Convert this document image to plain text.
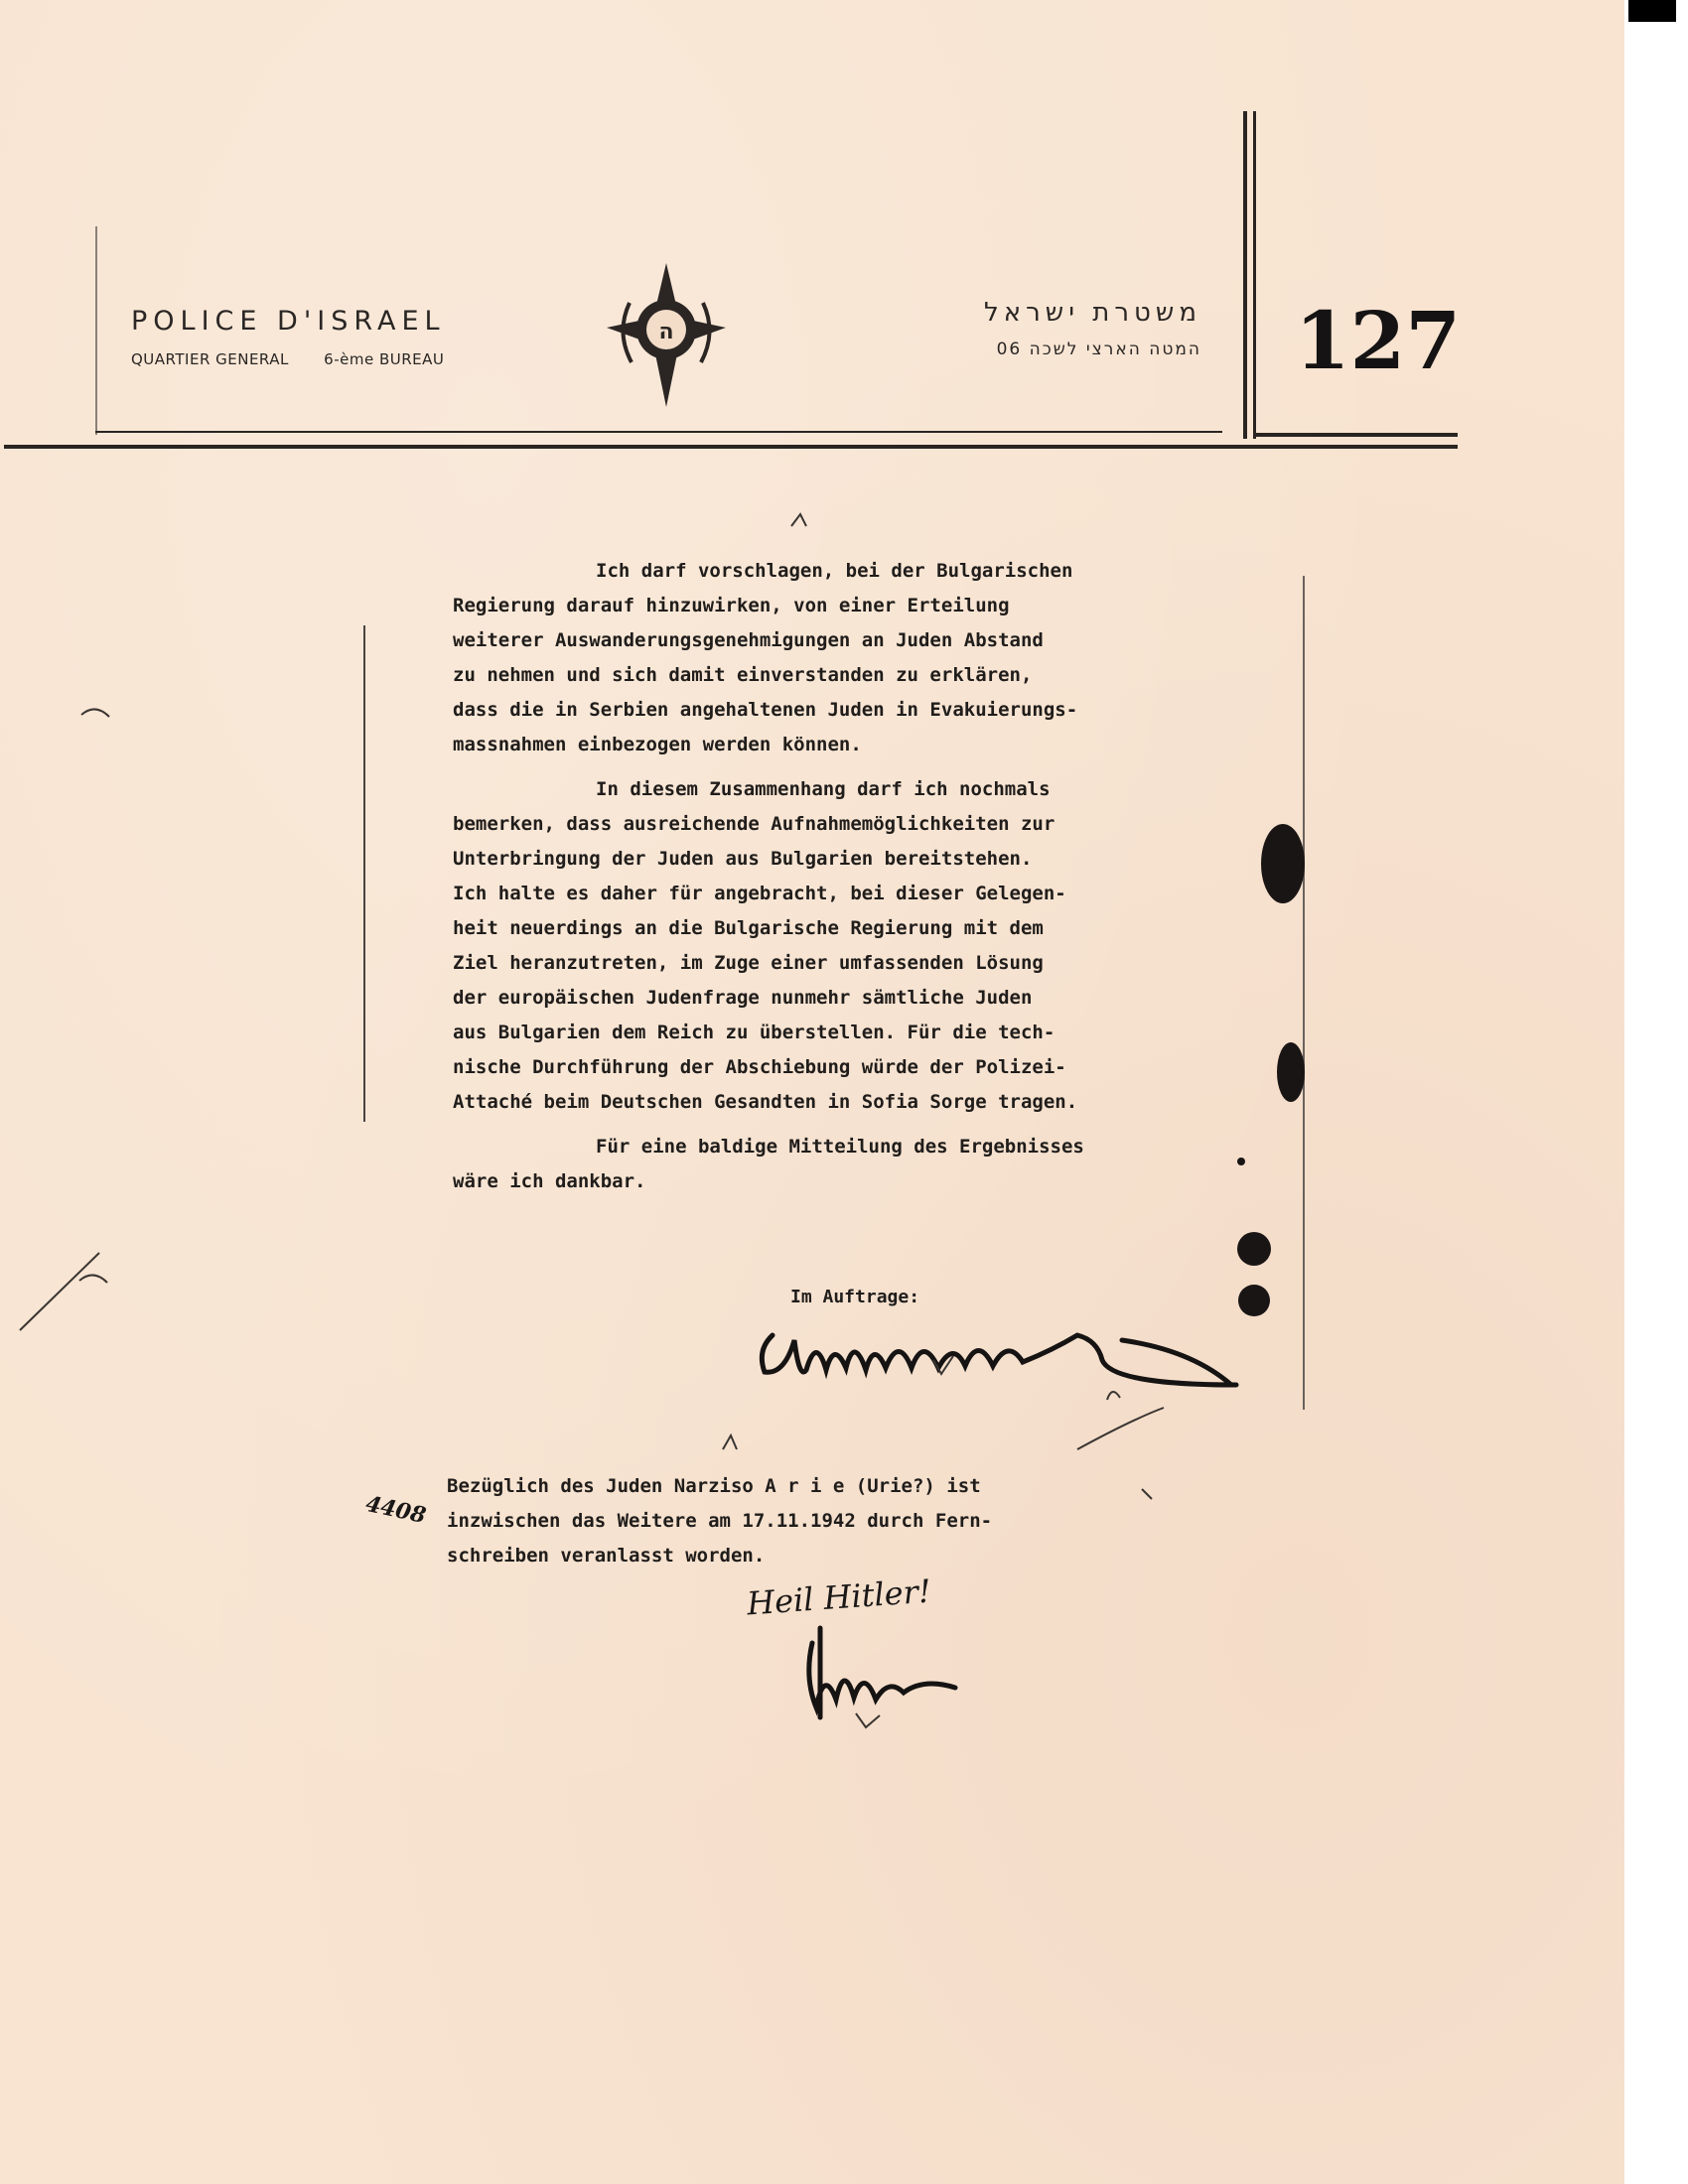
POLICE D'ISRAEL
QUARTIER GENERAL 6-ème BUREAU
ה
משטרת ישראל
המטה הארצי לשכה 06 127

Ich darf vorschlagen, bei der Bulgarischen
Regierung darauf hinzuwirken, von einer Erteilung
weiterer Auswanderungsgenehmigungen an Juden Abstand
zu nehmen und sich damit einverstanden zu erklären,
dass die in Serbien angehaltenen Juden in Evakuierungs-
massnahmen einbezogen werden können.

In diesem Zusammenhang darf ich nochmals
bemerken, dass ausreichende Aufnahmemöglichkeiten zur
Unterbringung der Juden aus Bulgarien bereitstehen.
Ich halte es daher für angebracht, bei dieser Gelegen-
heit neuerdings an die Bulgarische Regierung mit dem
Ziel heranzutreten, im Zuge einer umfassenden Lösung
der europäischen Judenfrage nunmehr sämtliche Juden
aus Bulgarien dem Reich zu überstellen. Für die tech-
nische Durchführung der Abschiebung würde der Polizei-
Attaché beim Deutschen Gesandten in Sofia Sorge tragen.

Für eine baldige Mitteilung des Ergebnisses
wäre ich dankbar.

Im Auftrage:
Bezüglich des Juden Narziso A r i e (Urie?) ist
inzwischen das Weitere am 17.11.1942 durch Fern-
schreiben veranlasst worden.
4408
Heil Hitler!
